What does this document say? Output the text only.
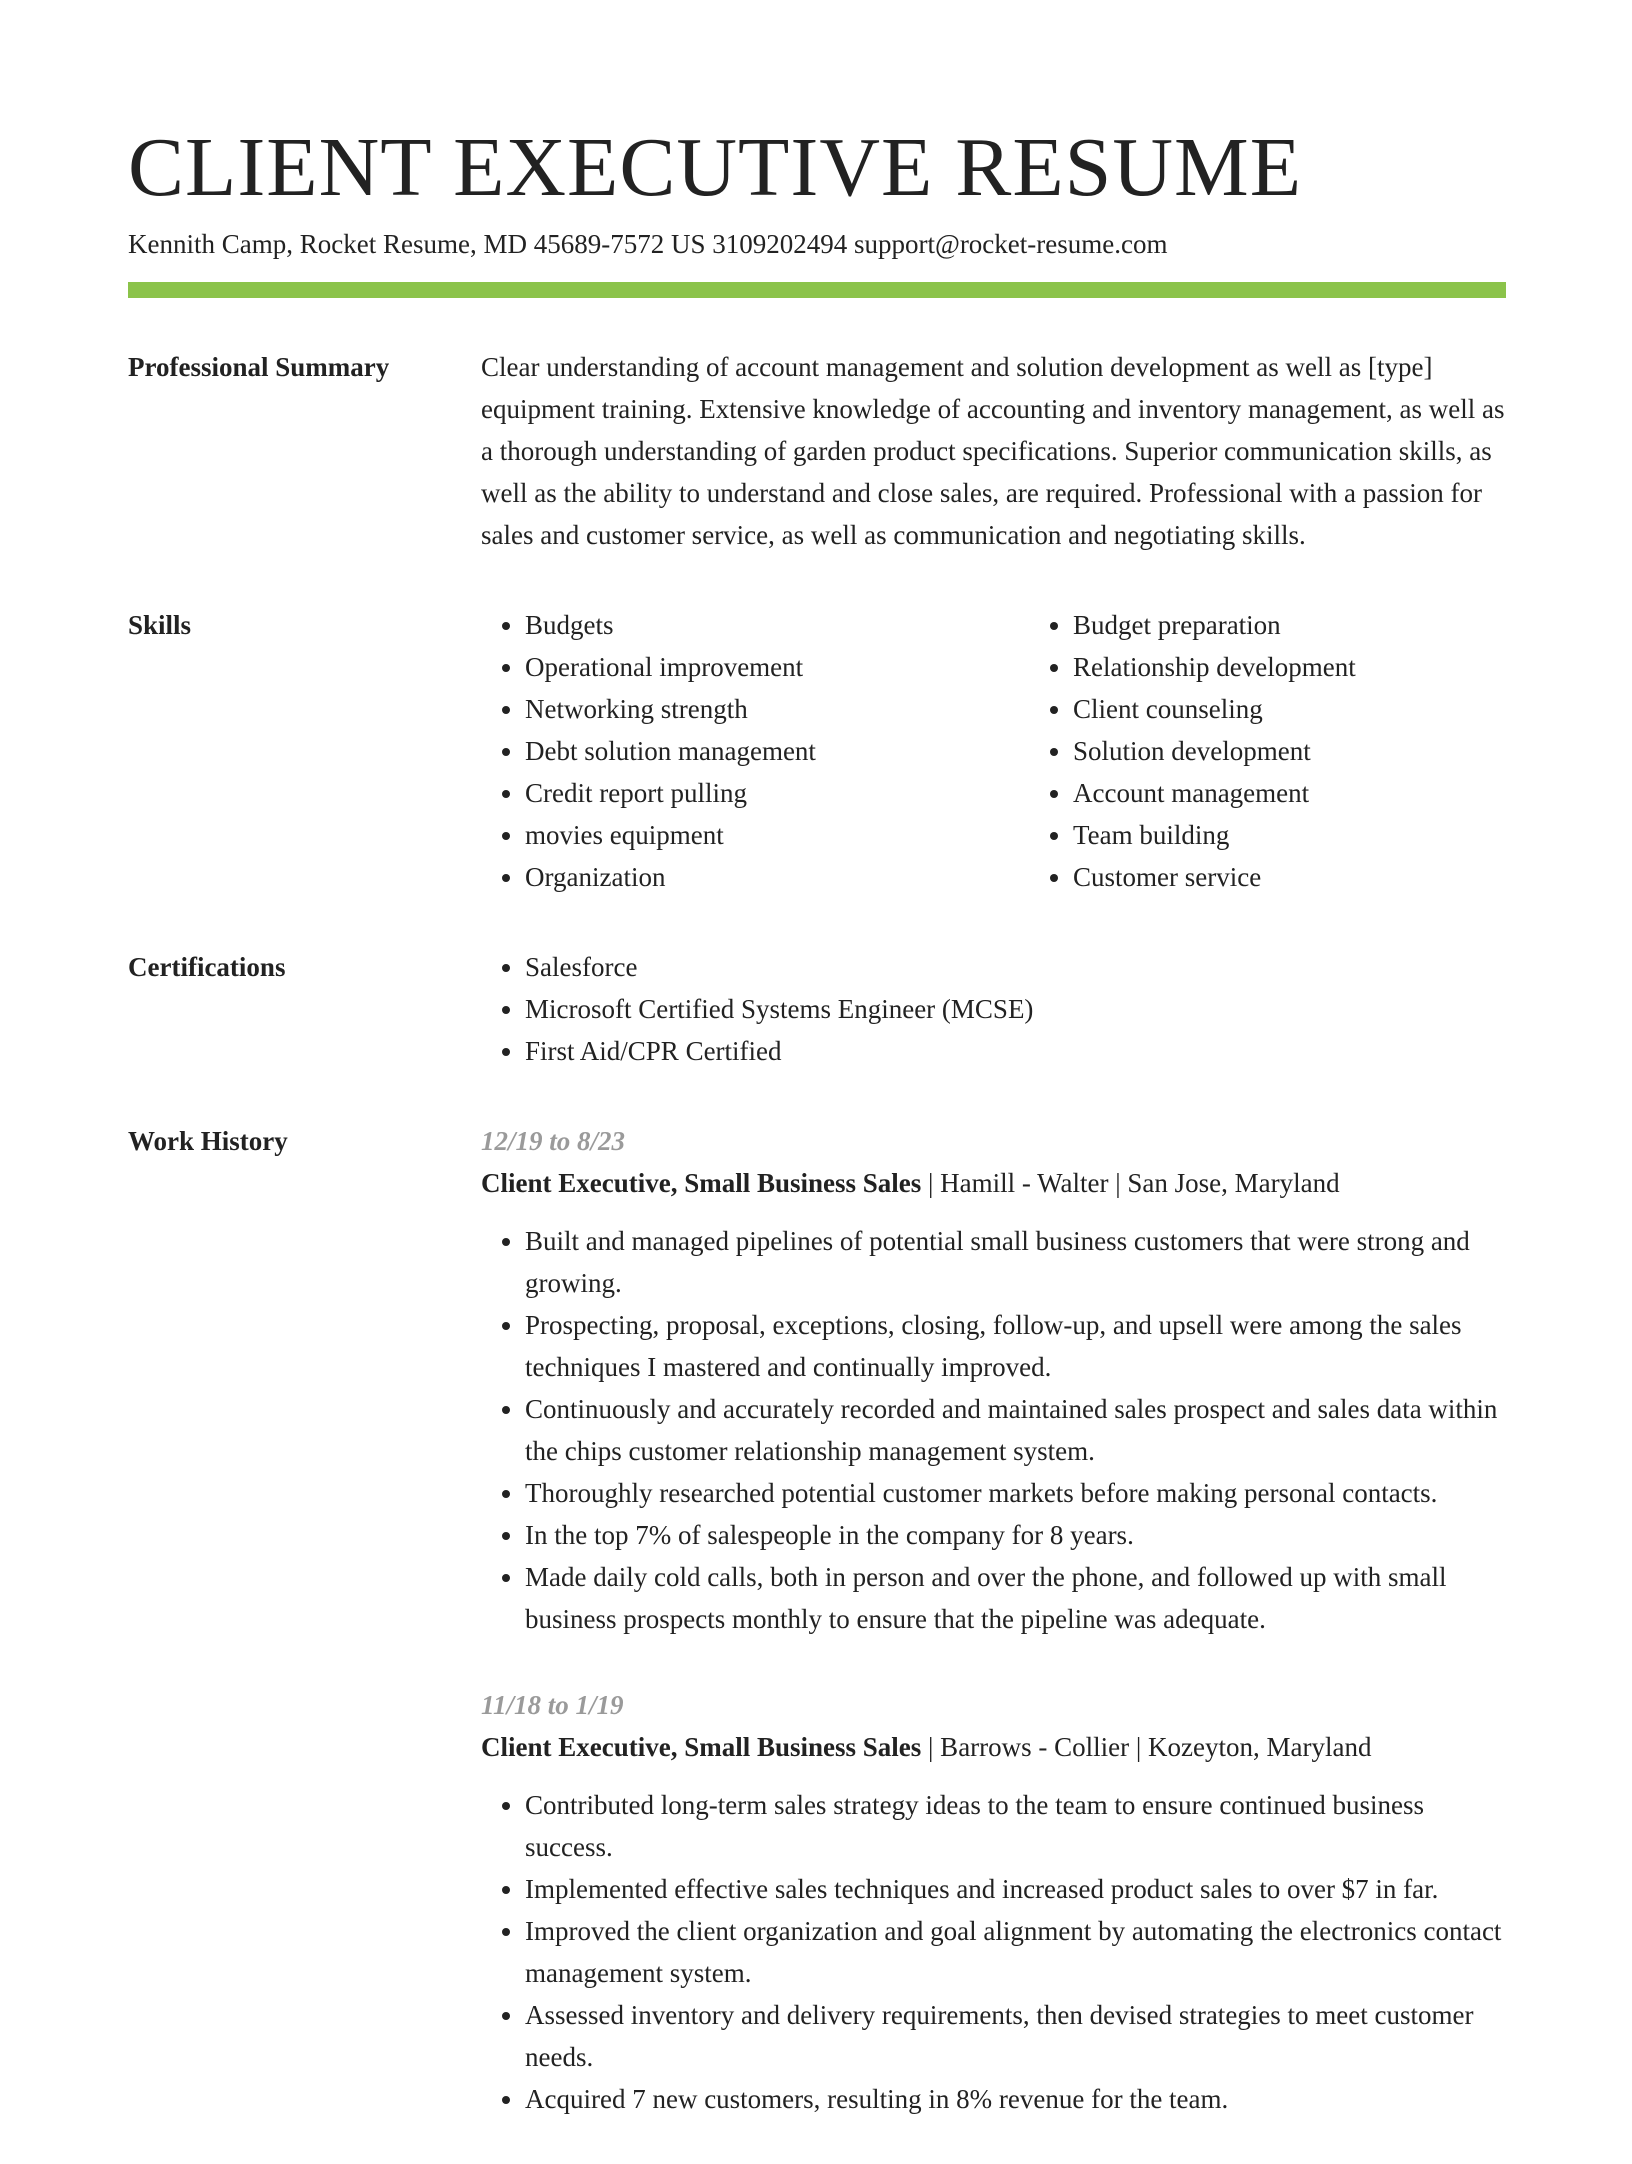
CLIENT EXECUTIVE RESUME
Kennith Camp, Rocket Resume, MD 45689-7572 US 3109202494 support@rocket-resume.com
Professional Summary	Clear understanding of account management and solution development as well as [type] equipment training. Extensive knowledge of accounting and inventory management, as well as a thorough understanding of garden product specifications. Superior communication skills, as well as the ability to understand and close sales, are required. Professional with a passion for sales and customer service, as well as communication and negotiating skills.

Skills	• Budgets
• Operational improvement
• Networking strength
• Debt solution management
• Credit report pulling
• movies equipment
• Organization
• Budget preparation
• Relationship development
• Client counseling
• Solution development
• Account management
• Team building
• Customer service
Certifications	• Salesforce
• Microsoft Certified Systems Engineer (MCSE)
• First Aid/CPR Certified
Work History	12/19 to 8/23
Client Executive, Small Business Sales | Hamill - Walter | San Jose, Maryland
• Built and managed pipelines of potential small business customers that were strong and growing.
• Prospecting, proposal, exceptions, closing, follow-up, and upsell were among the sales techniques I mastered and continually improved.
• Continuously and accurately recorded and maintained sales prospect and sales data within the chips customer relationship management system.
• Thoroughly researched potential customer markets before making personal contacts.
• In the top 7% of salespeople in the company for 8 years.
• Made daily cold calls, both in person and over the phone, and followed up with small business prospects monthly to ensure that the pipeline was adequate.
11/18 to 1/19
Client Executive, Small Business Sales | Barrows - Collier | Kozeyton, Maryland
• Contributed long-term sales strategy ideas to the team to ensure continued business success.
• Implemented effective sales techniques and increased product sales to over $7 in far.
• Improved the client organization and goal alignment by automating the electronics contact management system.
• Assessed inventory and delivery requirements, then devised strategies to meet customer needs.
• Acquired 7 new customers, resulting in 8% revenue for the team.
